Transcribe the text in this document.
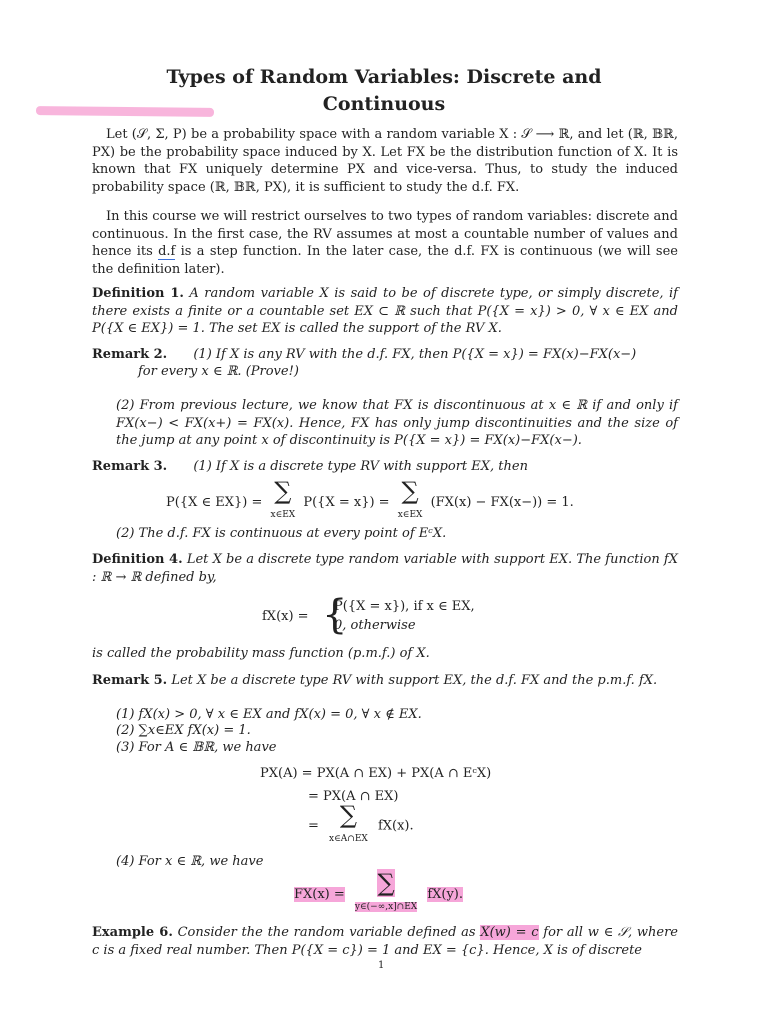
Types of Random Variables: Discrete and Continuous
Let (𝒮, Σ, P) be a probability space with a random variable X : 𝒮 ⟶ ℝ, and let (ℝ, 𝔹ℝ, PX) be the probability space induced by X. Let FX be the distribution function of X. It is known that FX uniquely determine PX and vice-versa. Thus, to study the induced probability space (ℝ, 𝔹ℝ, PX), it is sufficient to study the d.f. FX.
In this course we will restrict ourselves to two types of random variables: discrete and continuous. In the first case, the RV assumes at most a countable number of values and hence its d.f is a step function. In the later case, the d.f. FX is continuous (we will see the definition later).
Definition 1. A random variable X is said to be of discrete type, or simply discrete, if there exists a finite or a countable set EX ⊂ ℝ such that P({X = x}) > 0, ∀ x ∈ EX and P({X ∈ EX}) = 1. The set EX is called the support of the RV X.
Remark 2. (1) If X is any RV with the d.f. FX, then P({X = x}) = FX(x)−FX(x−)
for every x ∈ ℝ. (Prove!)
(2) From previous lecture, we know that FX is discontinuous at x ∈ ℝ if and only if FX(x−) < FX(x+) = FX(x). Hence, FX has only jump discontinuities and the size of the jump at any point x of discontinuity is P({X = x}) = FX(x)−FX(x−).
Remark 3. (1) If X is a discrete type RV with support EX, then
P({X ∈ EX}) = ∑
x∈EX P({X = x}) = ∑
x∈EX (FX(x) − FX(x−)) = 1.
(2) The d.f. FX is continuous at every point of EᶜX.
Definition 4. Let X be a discrete type random variable with support EX. The function fX : ℝ → ℝ defined by,
fX(x) = {
P({X = x}), if x ∈ EX,
0, otherwise
is called the probability mass function (p.m.f.) of X.
Remark 5. Let X be a discrete type RV with support EX, the d.f. FX and the p.m.f. fX.
(1) fX(x) > 0, ∀ x ∈ EX and fX(x) = 0, ∀ x ∉ EX.
(2) ∑x∈EX fX(x) = 1.
(3) For A ∈ 𝔹ℝ, we have
PX(A) = PX(A ∩ EX) + PX(A ∩ EᶜX)
= PX(A ∩ EX)
= ∑
x∈A∩EX fX(x).
(4) For x ∈ ℝ, we have
FX(x) = ∑
y∈(−∞,x]∩EX fX(y).
Example 6. Consider the the random variable defined as X(w) = c for all w ∈ 𝒮, where c is a fixed real number. Then P({X = c}) = 1 and EX = {c}. Hence, X is of discrete
1
